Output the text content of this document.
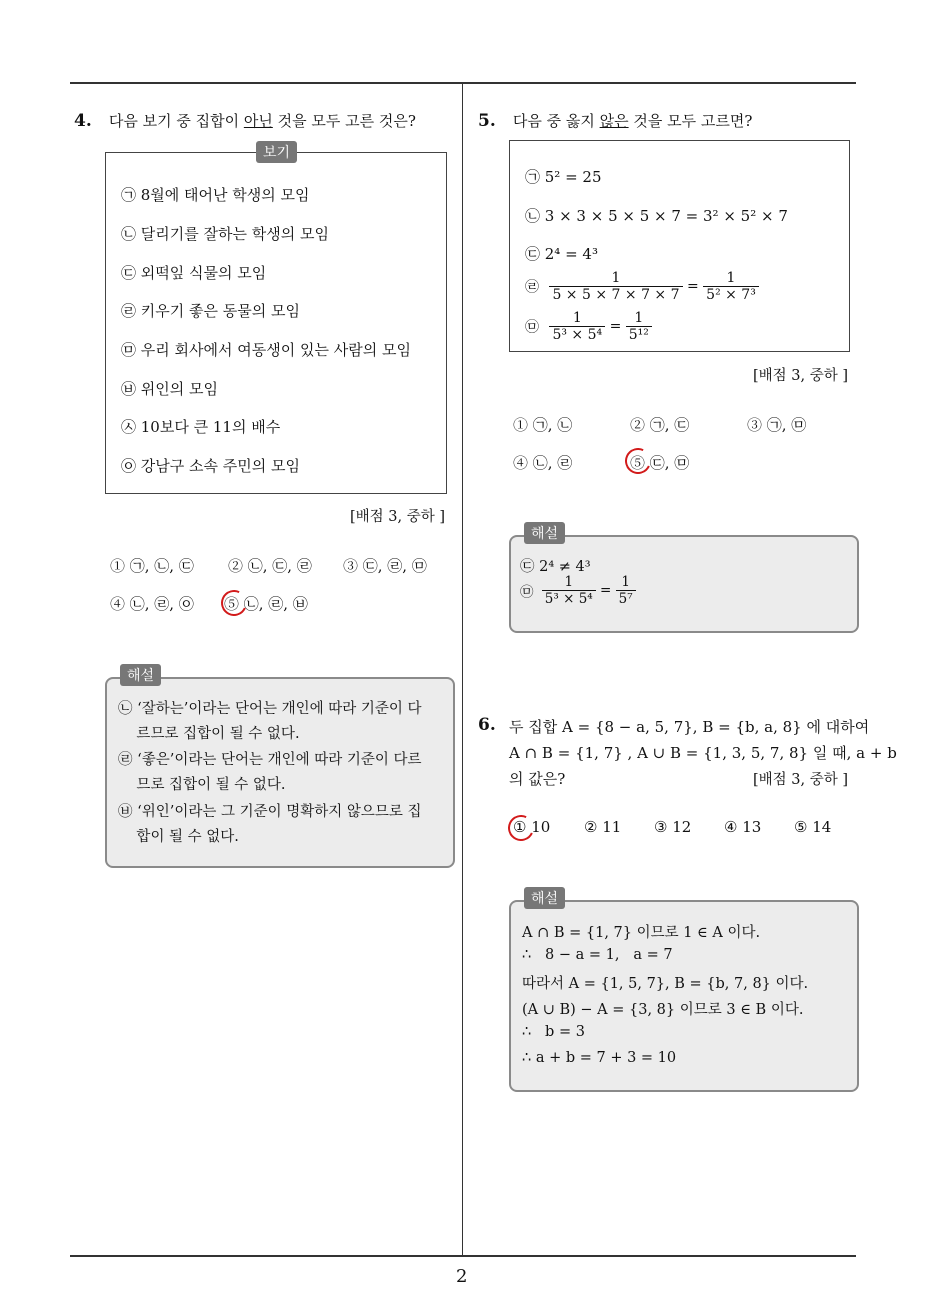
2
4. 다음 보기 중 집합이 아닌 것을 모두 고른 것은?
보기
㉠ 8월에 태어난 학생의 모임
㉡ 달리기를 잘하는 학생의 모임
㉢ 외떡잎 식물의 모임
㉣ 키우기 좋은 동물의 모임
㉤ 우리 회사에서 여동생이 있는 사람의 모임
㉥ 위인의 모임
㉦ 10보다 큰 11의 배수
㉧ 강남구 소속 주민의 모임
[배점 3, 중하 ]
① ㉠, ㉡, ㉢ ② ㉡, ㉢, ㉣ ③ ㉢, ㉣, ㉤
④ ㉡, ㉣, ㉧ ⑤ ㉡, ㉣, ㉥
해설
㉡ ‘잘하는’이라는 단어는 개인에 따라 기준이 다
르므로 집합이 될 수 없다.
㉣ ‘좋은’이라는 단어는 개인에 따라 기준이 다르
므로 집합이 될 수 없다.
㉥ ‘위인’이라는 그 기준이 명확하지 않으므로 집
합이 될 수 없다.
5. 다음 중 옳지 않은 것을 모두 고르면?
㉠ 5² = 25
㉡ 3 × 3 × 5 × 5 × 7 = 3² × 5² × 7
㉢ 2⁴ = 4³
㉣ $\frac{1}{5 \times 5 \times 7 \times 7 \times 7} = \frac{1}{\text{5² × 7³}}$
㉤ $\frac{1}{\text{5³ × 5⁴}} = \frac{1}{\text{5¹²}}$
[배점 3, 중하 ]
① ㉠, ㉡	② ㉠, ㉢	③ ㉠, ㉤
④ ㉡, ㉣	⑤ ㉢, ㉤
해설
㉢ 2⁴ ≠ 4³
㉤ $\frac{1}{\text{5³ × 5⁴}} = \frac{1}{\text{5⁷}}$
6. 두 집합 A = {8 − a, 5, 7}, B = {b, a, 8} 에 대하여
A ∩ B = {1, 7} , A ∪ B = {1, 3, 5, 7, 8} 일 때, a + b
의 값은?	[배점 3, 중하 ]
① 10 ② 11 ③ 12 ④ 13 ⑤ 14
해설
A ∩ B = {1, 7} 이므로 1 ∈ A 이다.
∴   8 − a = 1,   a = 7
따라서 A = {1, 5, 7}, B = {b, 7, 8} 이다.
(A ∪ B) − A = {3, 8} 이므로 3 ∈ B 이다.
∴   b = 3
∴ a + b = 7 + 3 = 10
